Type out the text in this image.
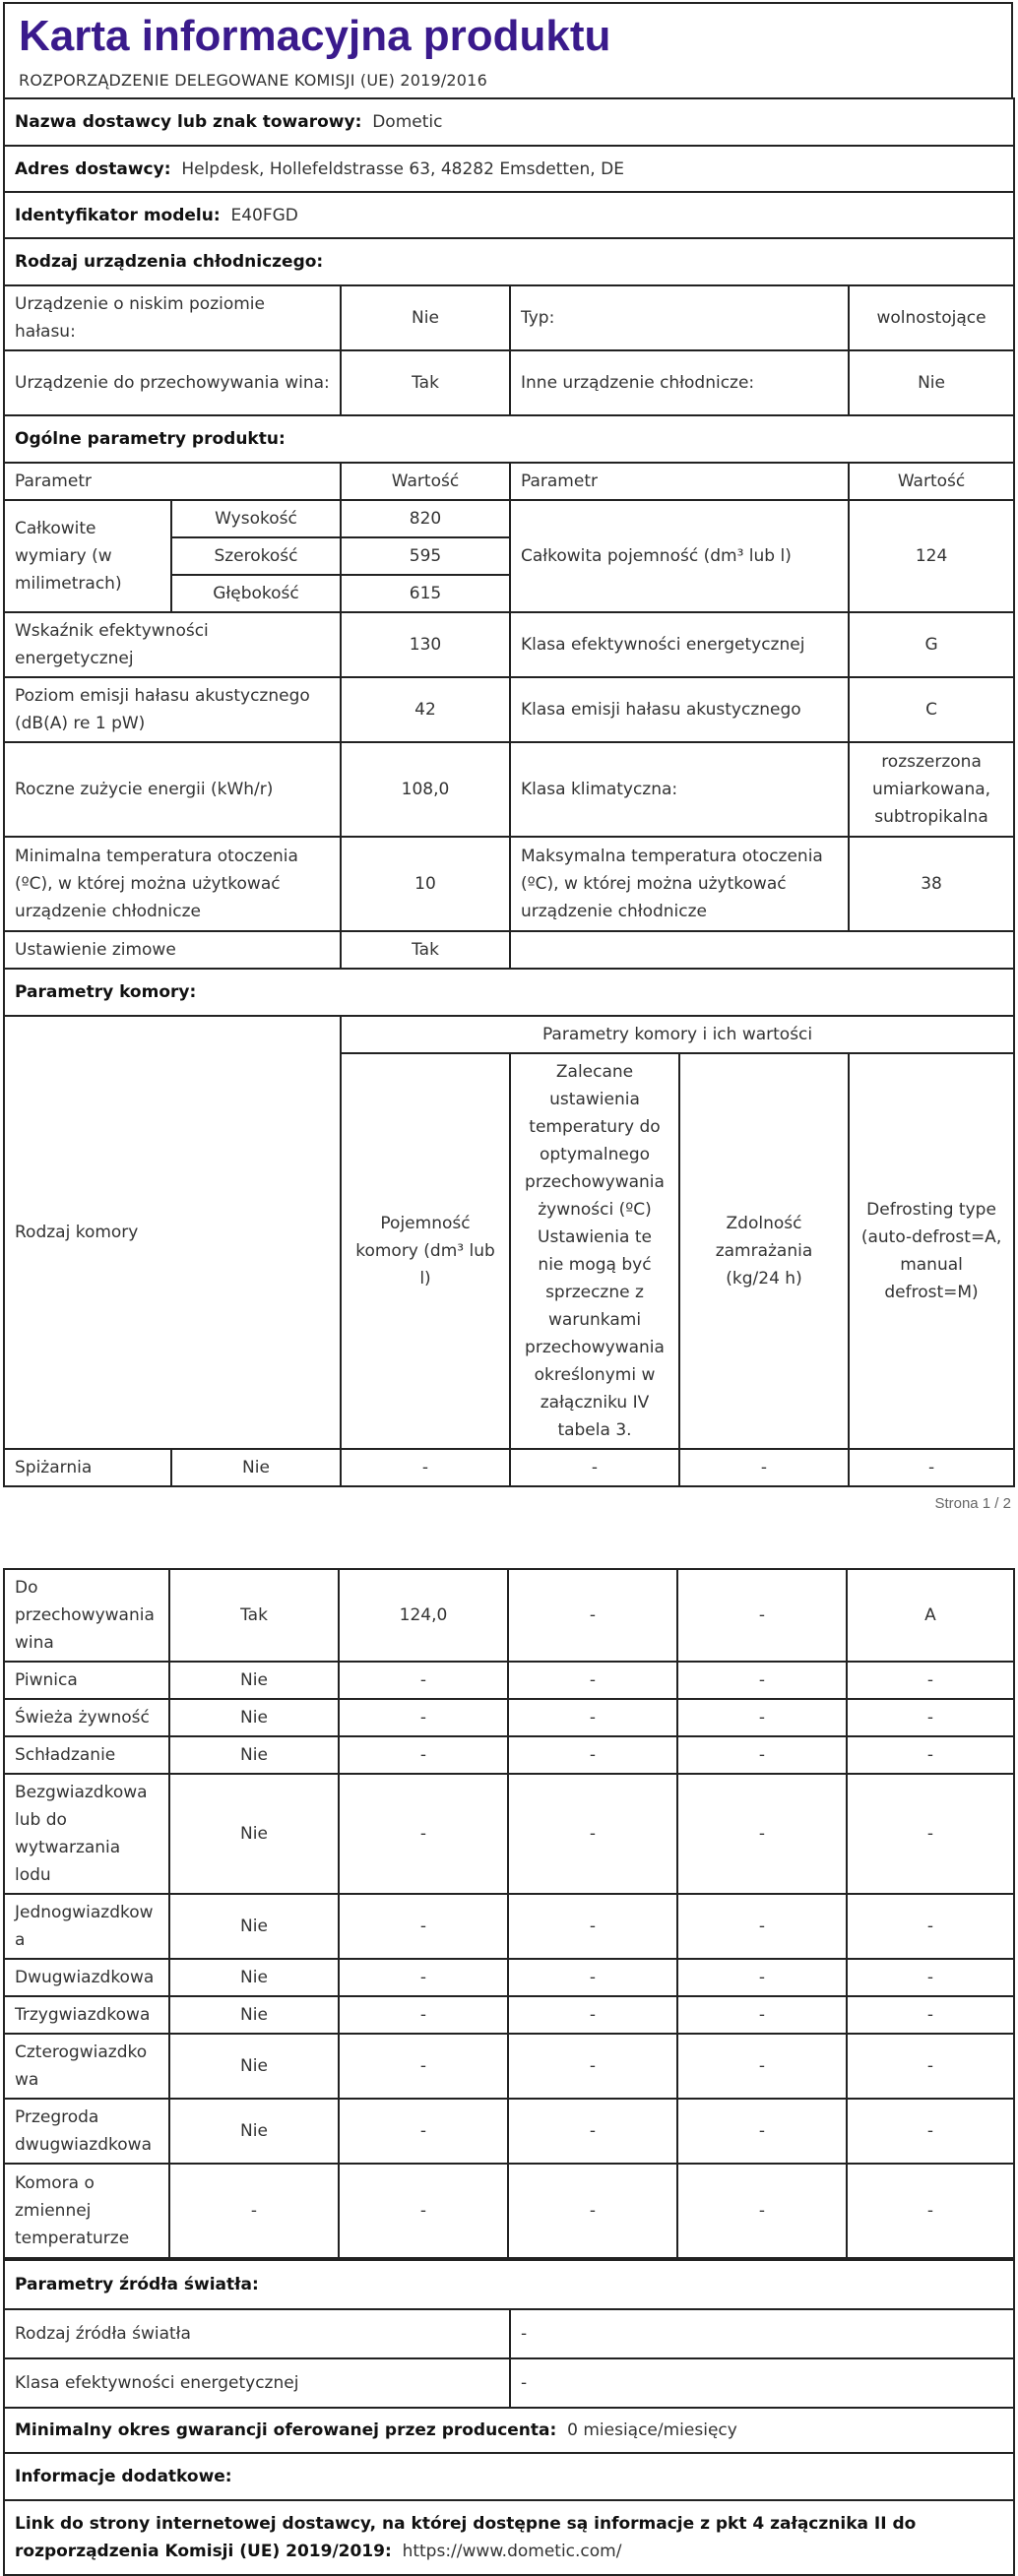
Karta informacyjna produktu
ROZPORZĄDZENIE DELEGOWANE KOMISJI (UE) 2019/2016
Nazwa dostawcy lub znak towarowy: Dometic					
Adres dostawcy: Helpdesk, Hollefeldstrasse 63, 48282 Emsdetten, DE					
Identyfikator modelu: E40FGD					
Rodzaj urządzenia chłodniczego:					
Urządzenie o niskim poziomie hałasu:		Nie	Typ:		wolnostojące
Urządzenie do przechowywania wina:		Tak	Inne urządzenie chłodnicze:		Nie
Ogólne parametry produktu:					
Parametr		Wartość	Parametr		Wartość
Całkowite wymiary (w milimetrach)	Wysokość	820	Całkowita pojemność (dm³ lub l)		124
	Szerokość	595			
	Głębokość	615			
Wskaźnik efektywności energetycznej		130	Klasa efektywności energetycznej		G
Poziom emisji hałasu akustycznego (dB(A) re 1 pW)		42	Klasa emisji hałasu akustycznego		C
Roczne zużycie energii (kWh/r)		108,0	Klasa klimatyczna:		rozszerzona umiarkowana, subtropikalna
Minimalna temperatura otoczenia (ºC), w której można użytkować urządzenie chłodnicze		10	Maksymalna temperatura otoczenia (ºC), w której można użytkować urządzenie chłodnicze		38
Ustawienie zimowe		Tak			
Parametry komory:					
Rodzaj komory		Parametry komory i ich wartości			
		Pojemność komory (dm³ lub l)	Zalecane ustawienia temperatury do optymalnego przechowywania żywności (ºC) Ustawienia te nie mogą być sprzeczne z warunkami przechowywania określonymi w załączniku IV tabela 3.	Zdolność zamrażania (kg/24 h)	Defrosting type (auto-defrost=A, manual defrost=M)
Spiżarnia	Nie	-	-	-	-
Strona 1 / 2
Do przechowywania wina	Tak	124,0	-	-	A
Piwnica	Nie	-	-	-	-
Świeża żywność	Nie	-	-	-	-
Schładzanie	Nie	-	-	-	-
Bezgwiazdkowa lub do wytwarzania lodu	Nie	-	-	-	-
Jednogwiazdkowa	Nie	-	-	-	-
Dwugwiazdkowa	Nie	-	-	-	-
Trzygwiazdkowa	Nie	-	-	-	-
Czterogwiazdkowa	Nie	-	-	-	-
Przegroda dwugwiazdkowa	Nie	-	-	-	-
Komora o zmiennej temperaturze	-	-	-	-	-
Parametry źródła światła:	
Rodzaj źródła światła	-
Klasa efektywności energetycznej	-
Minimalny okres gwarancji oferowanej przez producenta: 0 miesiące/miesięcy	
Informacje dodatkowe:	
Link do strony internetowej dostawcy, na której dostępne są informacje z pkt 4 załącznika II do rozporządzenia Komisji (UE) 2019/2019: https://www.dometic.com/	
